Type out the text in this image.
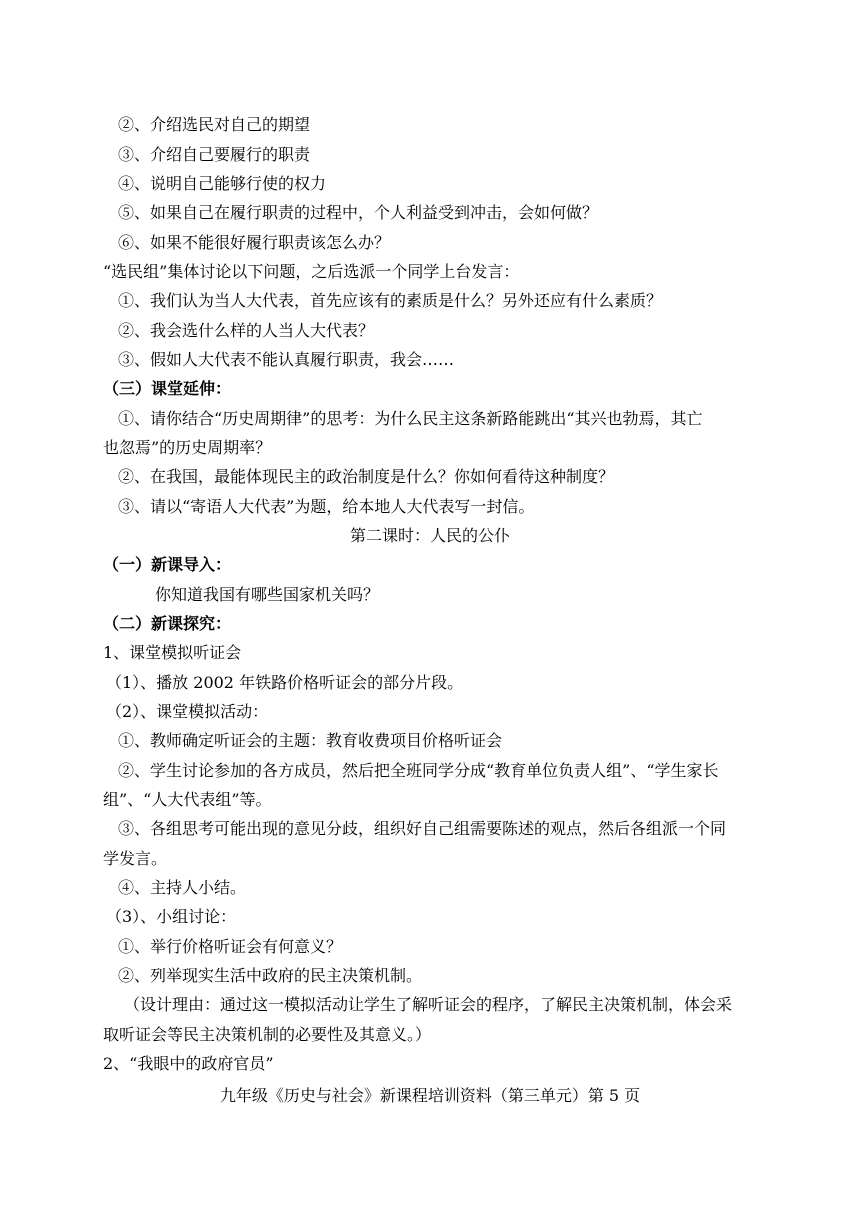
②、介绍选民对自己的期望
③、介绍自己要履行的职责
④、说明自己能够行使的权力
⑤、如果自己在履行职责的过程中，个人利益受到冲击，会如何做？
⑥、如果不能很好履行职责该怎么办？
“选民组”集体讨论以下问题，之后选派一个同学上台发言：
①、我们认为当人大代表，首先应该有的素质是什么？另外还应有什么素质？
②、我会选什么样的人当人大代表？
③、假如人大代表不能认真履行职责，我会……
（三）课堂延伸：
①、请你结合“历史周期律”的思考：为什么民主这条新路能跳出“其兴也勃焉，其亡
也忽焉”的历史周期率？
②、在我国，最能体现民主的政治制度是什么？你如何看待这种制度？
③、请以“寄语人大代表”为题，给本地人大代表写一封信。
第二课时：人民的公仆
（一）新课导入：
你知道我国有哪些国家机关吗？
（二）新课探究：
1、课堂模拟听证会
（1）、播放 2002 年铁路价格听证会的部分片段。
（2）、课堂模拟活动：
①、教师确定听证会的主题：教育收费项目价格听证会
②、学生讨论参加的各方成员，然后把全班同学分成“教育单位负责人组”、“学生家长
组”、“人大代表组”等。
③、各组思考可能出现的意见分歧，组织好自己组需要陈述的观点，然后各组派一个同
学发言。
④、主持人小结。
（3）、小组讨论：
①、举行价格听证会有何意义？
②、列举现实生活中政府的民主决策机制。
（设计理由：通过这一模拟活动让学生了解听证会的程序，了解民主决策机制，体会采
取听证会等民主决策机制的必要性及其意义。）
2、“我眼中的政府官员”
九年级《历史与社会》新课程培训资料（第三单元）第 5 页
